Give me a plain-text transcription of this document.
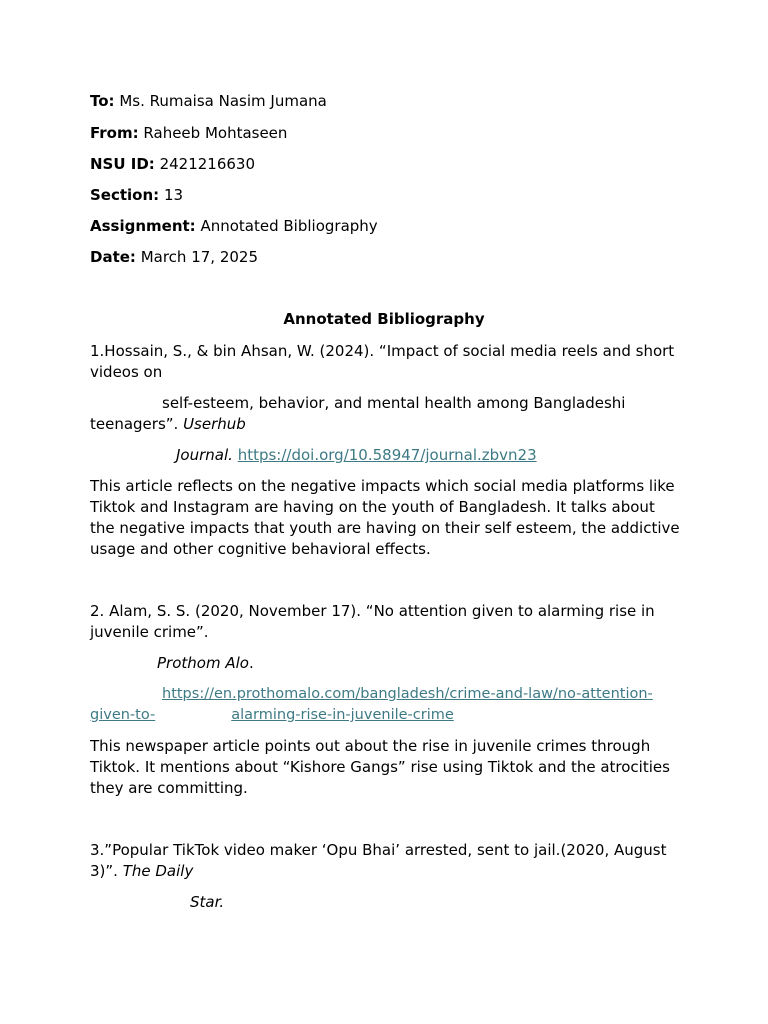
To: Ms. Rumaisa Nasim Jumana

From: Raheeb Mohtaseen

NSU ID: 2421216630

Section: 13

Assignment: Annotated Bibliography

Date: March 17, 2025

Annotated Bibliography

1.Hossain, S., & bin Ahsan, W. (2024). “Impact of social media reels and short videos on

self-esteem, behavior, and mental health among Bangladeshi teenagers”. Userhub

Journal. https://doi.org/10.58947/journal.zbvn23

This article reflects on the negative impacts which social media platforms like Tiktok and Instagram are having on the youth of Bangladesh. It talks about the negative impacts that youth are having on their self esteem, the addictive usage and other cognitive behavioral effects.

2. Alam, S. S. (2020, November 17). “No attention given to alarming rise in juvenile crime”.

Prothom Alo.

https://en.prothomalo.com/bangladesh/crime-and-law/no-attention-given-to-	alarming-rise-in-juvenile-crime

This newspaper article points out about the rise in juvenile crimes through Tiktok. It mentions about “Kishore Gangs” rise using Tiktok and the atrocities they are committing.

3.”Popular TikTok video maker ‘Opu Bhai’ arrested, sent to jail.(2020, August 3)”. The Daily

Star.
